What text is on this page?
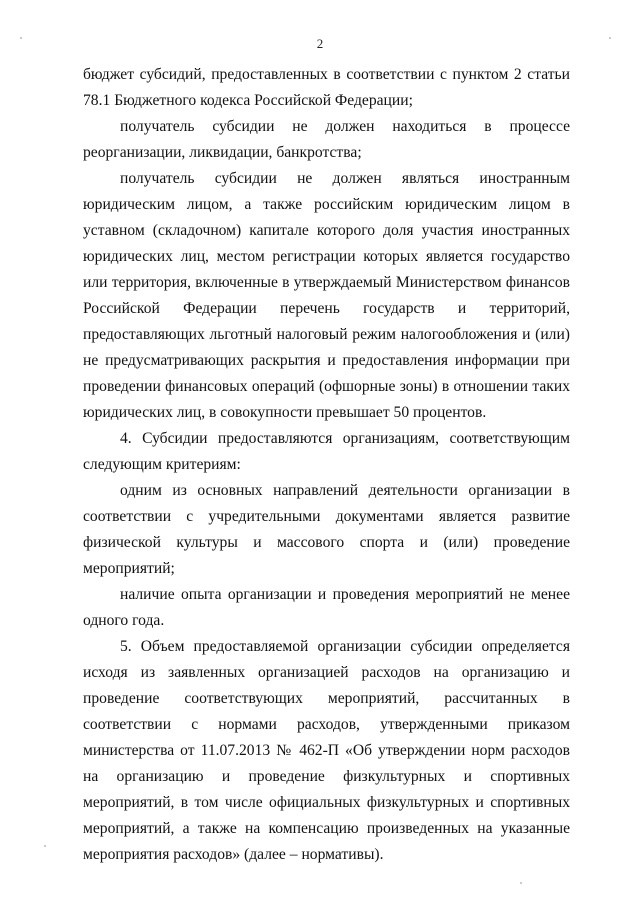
2

бюджет субсидий, предоставленных в соответствии с пунктом 2 статьи 78.1 Бюджетного кодекса Российской Федерации;

получатель субсидии не должен находиться в процессе реорганизации, ликвидации, банкротства;

получатель субсидии не должен являться иностранным юридическим лицом, а также российским юридическим лицом в уставном (складочном) капитале которого доля участия иностранных юридических лиц, местом регистрации которых является государство или территория, включенные в утверждаемый Министерством финансов Российской Федерации перечень государств и территорий, предоставляющих льготный налоговый режим налогообложения и (или) не предусматривающих раскрытия и предоставления информации при проведении финансовых операций (офшорные зоны) в отношении таких юридических лиц, в совокупности превышает 50 процентов.

4. Субсидии предоставляются организациям, соответствующим следующим критериям:

одним из основных направлений деятельности организации в соответствии с учредительными документами является развитие физической культуры и массового спорта и (или) проведение мероприятий;

наличие опыта организации и проведения мероприятий не менее одного года.

5. Объем предоставляемой организации субсидии определяется исходя из заявленных организацией расходов на организацию и проведение соответствующих мероприятий, рассчитанных в соответствии с нормами расходов, утвержденными приказом министерства от 11.07.2013 № 462-П «Об утверждении норм расходов на организацию и проведение физкультурных и спортивных мероприятий, в том числе официальных физкультурных и спортивных мероприятий, а также на компенсацию произведенных на указанные мероприятия расходов» (далее – нормативы).
